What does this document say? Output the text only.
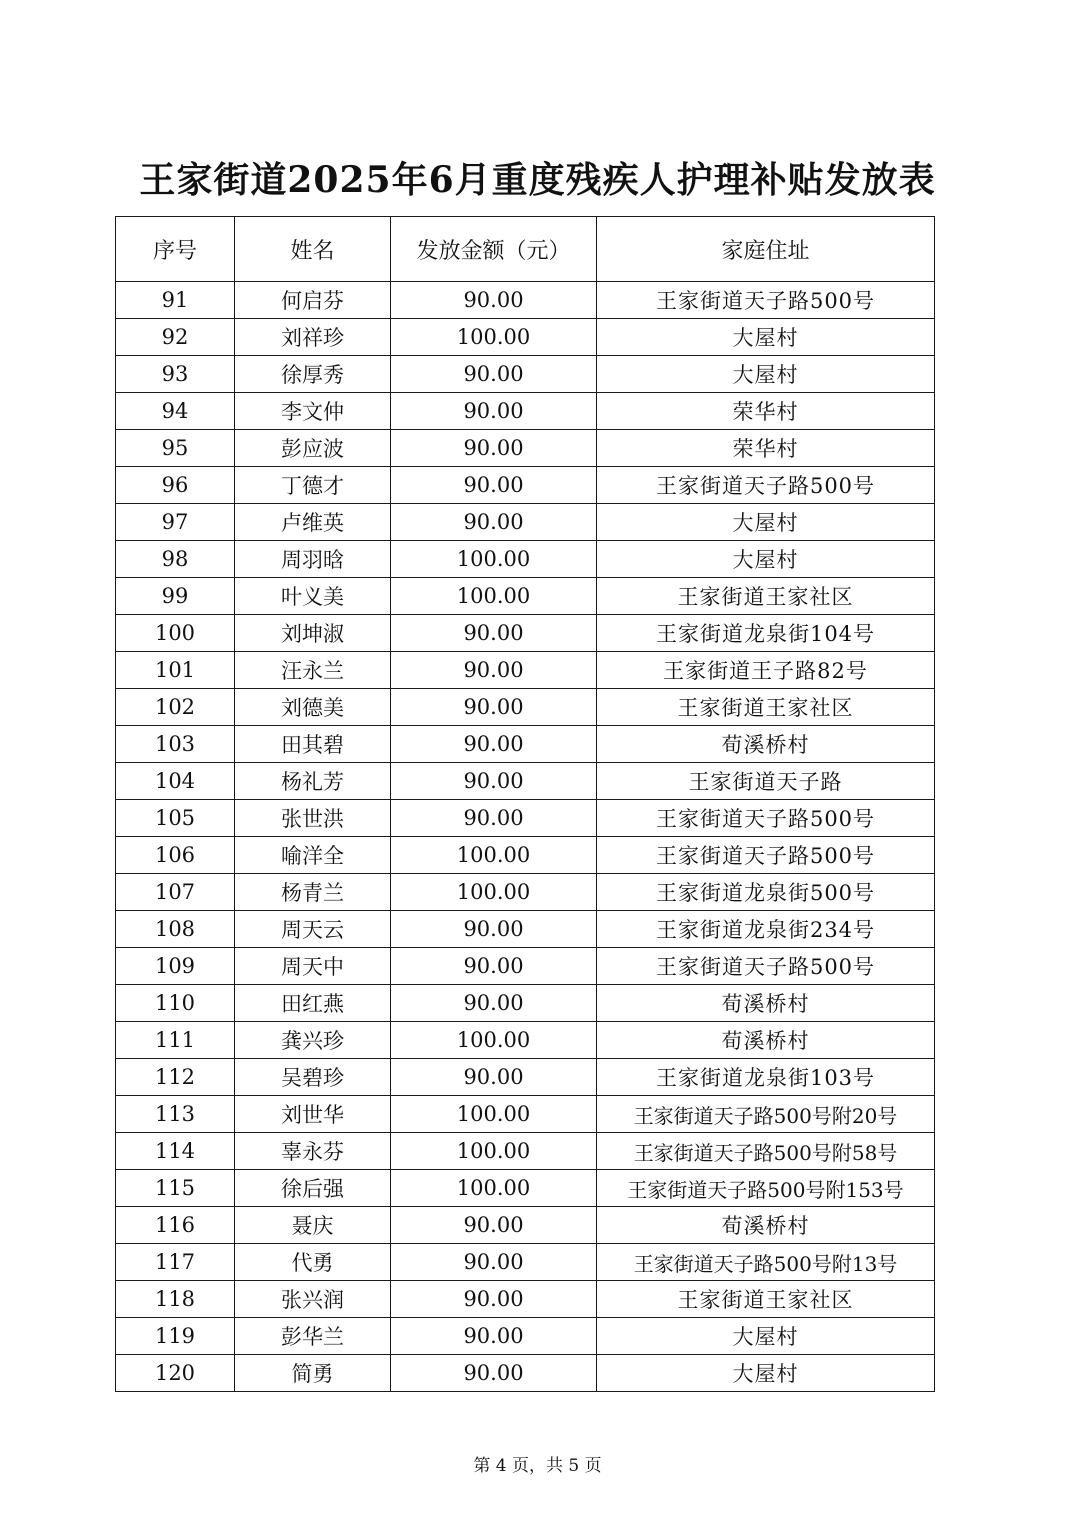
王家街道2025年6月重度残疾人护理补贴发放表
序号	姓名	发放金额（元）	家庭住址
91	何启芬	90.00	王家街道天子路500号
92	刘祥珍	100.00	大屋村
93	徐厚秀	90.00	大屋村
94	李文仲	90.00	荣华村
95	彭应波	90.00	荣华村
96	丁德才	90.00	王家街道天子路500号
97	卢维英	90.00	大屋村
98	周羽晗	100.00	大屋村
99	叶义美	100.00	王家街道王家社区
100	刘坤淑	90.00	王家街道龙泉街104号
101	汪永兰	90.00	王家街道王子路82号
102	刘德美	90.00	王家街道王家社区
103	田其碧	90.00	荀溪桥村
104	杨礼芳	90.00	王家街道天子路
105	张世洪	90.00	王家街道天子路500号
106	喻洋全	100.00	王家街道天子路500号
107	杨青兰	100.00	王家街道龙泉街500号
108	周天云	90.00	王家街道龙泉街234号
109	周天中	90.00	王家街道天子路500号
110	田红燕	90.00	荀溪桥村
111	龚兴珍	100.00	荀溪桥村
112	吴碧珍	90.00	王家街道龙泉街103号
113	刘世华	100.00	王家街道天子路500号附20号
114	辜永芬	100.00	王家街道天子路500号附58号
115	徐后强	100.00	王家街道天子路500号附153号
116	聂庆	90.00	荀溪桥村
117	代勇	90.00	王家街道天子路500号附13号
118	张兴润	90.00	王家街道王家社区
119	彭华兰	90.00	大屋村
120	简勇	90.00	大屋村
第 4 页，共 5 页
